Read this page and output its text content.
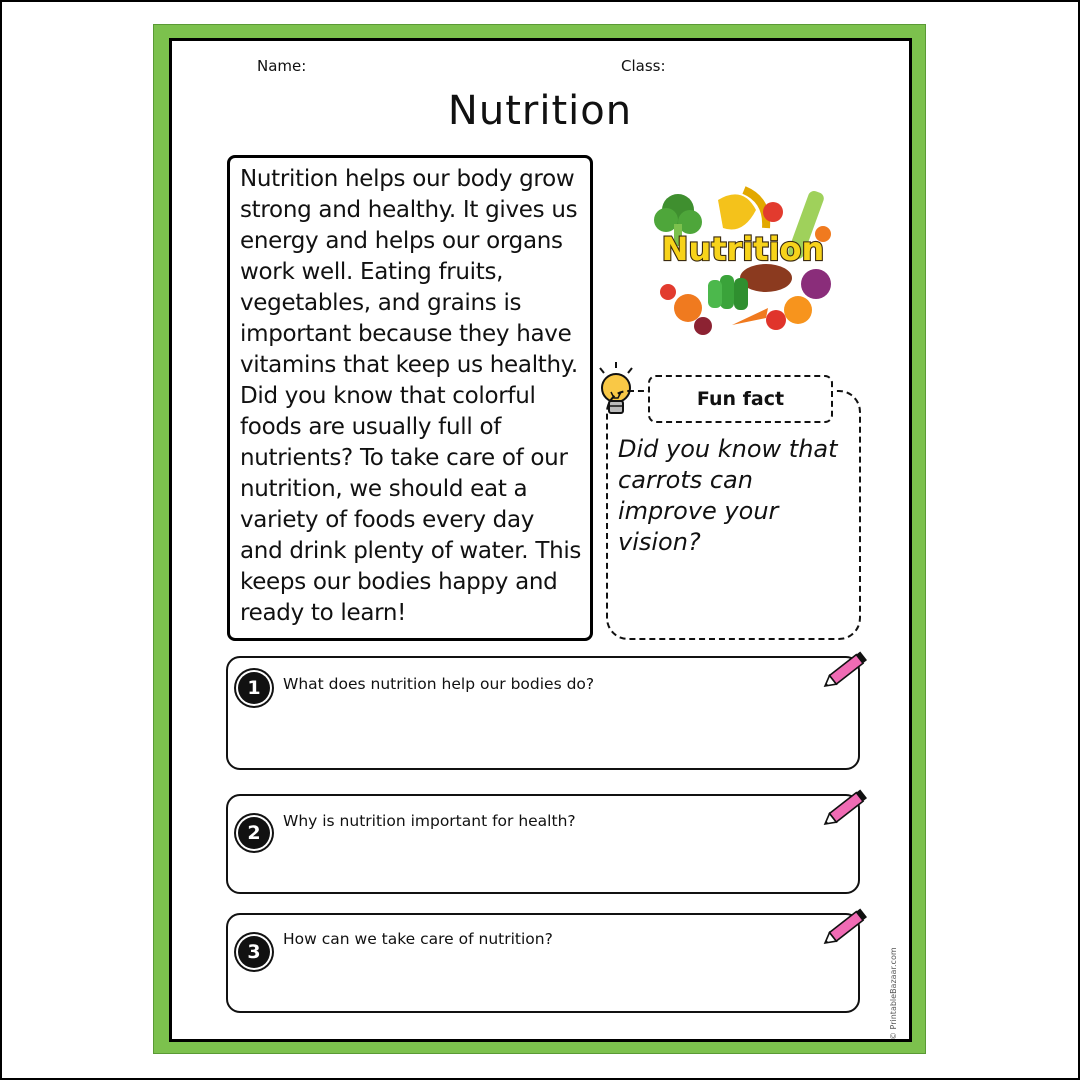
Name:	Class:
Nutrition
Nutrition helps our body grow strong and healthy. It gives us energy and helps our organs work well. Eating fruits, vegetables, and grains is important because they have vitamins that keep us healthy. Did you know that colorful foods are usually full of nutrients? To take care of our nutrition, we should eat a variety of foods every day and drink plenty of water. This keeps our bodies happy and ready to learn!
Nutrition
Fun fact
Did you know that carrots can improve your vision?
1	What does nutrition help our bodies do?
2
Why is nutrition important for health?
3
How can we take care of nutrition?
© PrintableBazaar.com
